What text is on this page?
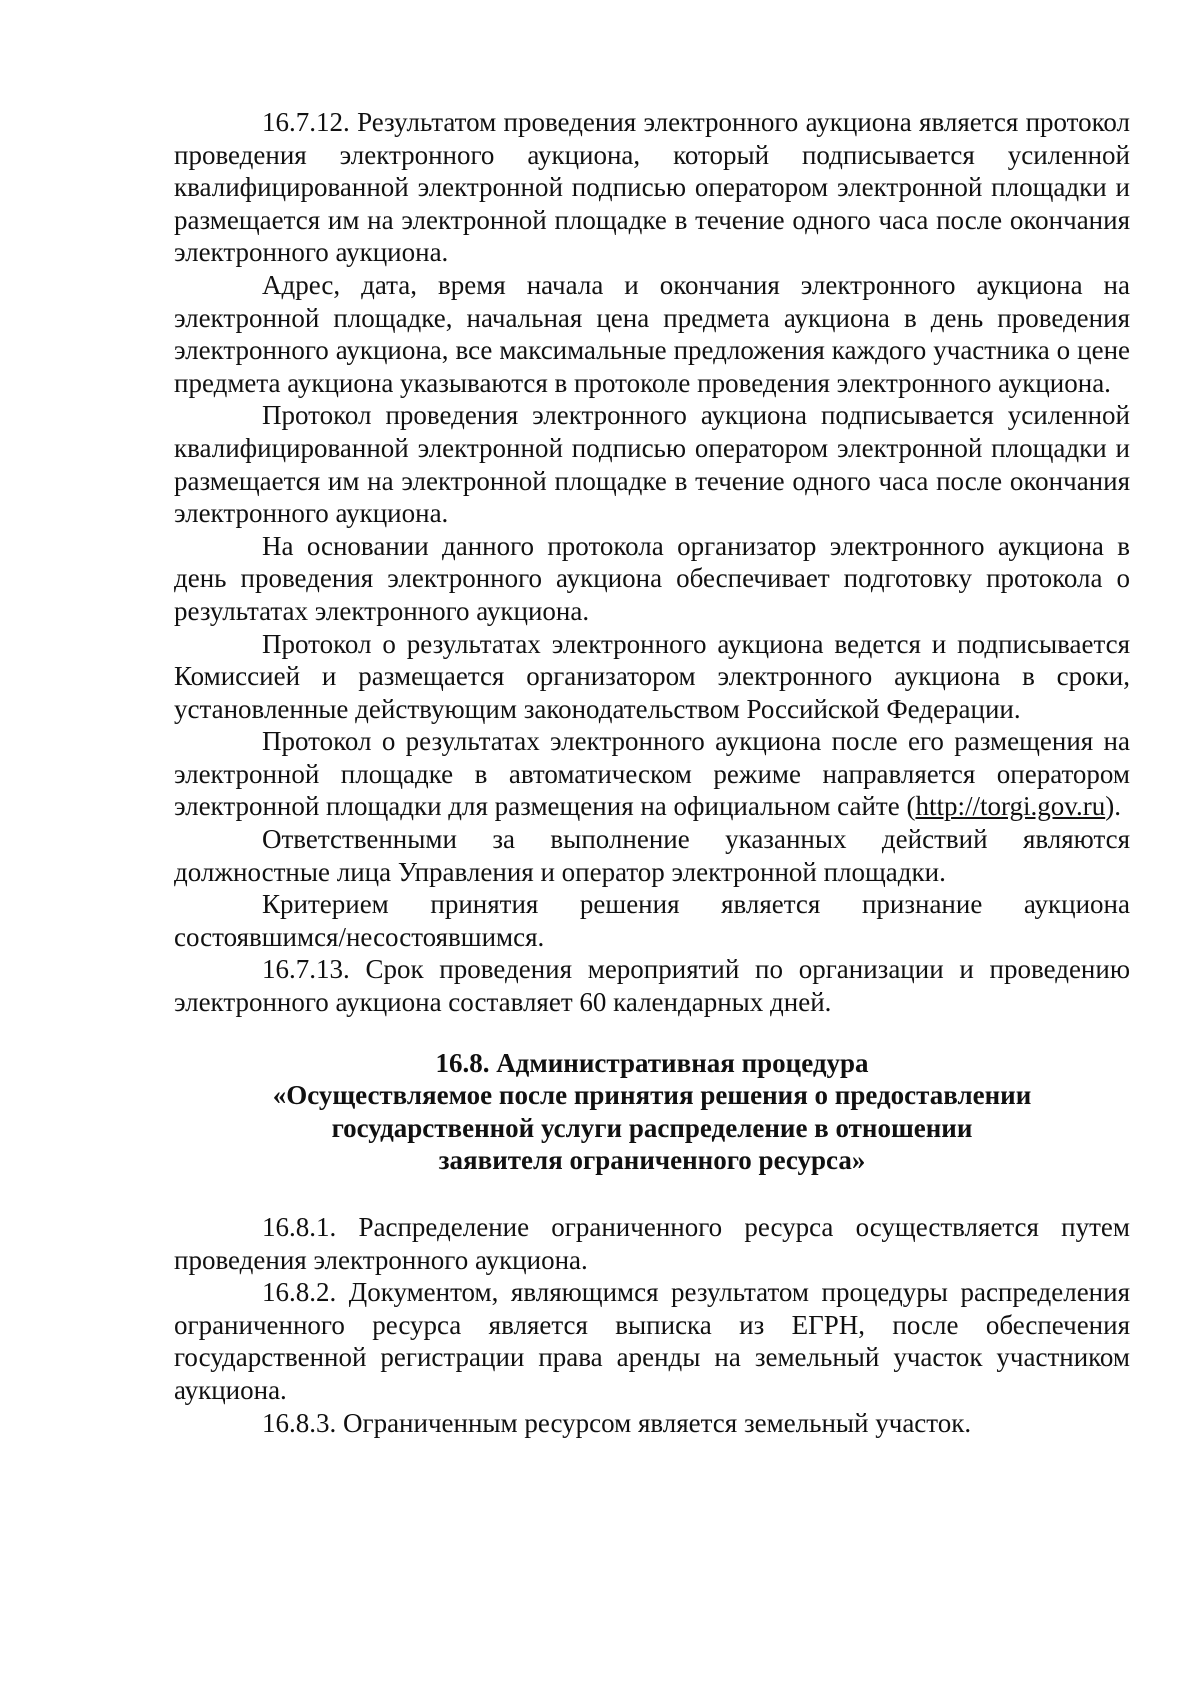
16.7.12. Результатом проведения электронного аукциона является протокол проведения электронного аукциона, который подписывается усиленной квалифицированной электронной подписью оператором электронной площадки и размещается им на электронной площадке в течение одного часа после окончания электронного аукциона.

Адрес, дата, время начала и окончания электронного аукциона на электронной площадке, начальная цена предмета аукциона в день проведения электронного аукциона, все максимальные предложения каждого участника о цене предмета аукциона указываются в протоколе проведения электронного аукциона.

Протокол проведения электронного аукциона подписывается усиленной квалифицированной электронной подписью оператором электронной площадки и размещается им на электронной площадке в течение одного часа после окончания электронного аукциона.

На основании данного протокола организатор электронного аукциона в день проведения электронного аукциона обеспечивает подготовку протокола о результатах электронного аукциона.

Протокол о результатах электронного аукциона ведется и подписывается Комиссией и размещается организатором электронного аукциона в сроки, установленные действующим законодательством Российской Федерации.

Протокол о результатах электронного аукциона после его размещения на электронной площадке в автоматическом режиме направляется оператором электронной площадки для размещения на официальном сайте (http://torgi.gov.ru).

Ответственными за выполнение указанных действий являются должностные лица Управления и оператор электронной площадки.

Критерием принятия решения является признание аукциона состоявшимся/несостоявшимся.

16.7.13. Срок проведения мероприятий по организации и проведению электронного аукциона составляет 60 календарных дней.

16.8. Административная процедура
«Осуществляемое после принятия решения о предоставлении
государственной услуги распределение в отношении
заявителя ограниченного ресурса»

16.8.1. Распределение ограниченного ресурса осуществляется путем проведения электронного аукциона.

16.8.2. Документом, являющимся результатом процедуры распределения ограниченного ресурса является выписка из ЕГРН, после обеспечения государственной регистрации права аренды на земельный участок участником аукциона.

16.8.3. Ограниченным ресурсом является земельный участок.
